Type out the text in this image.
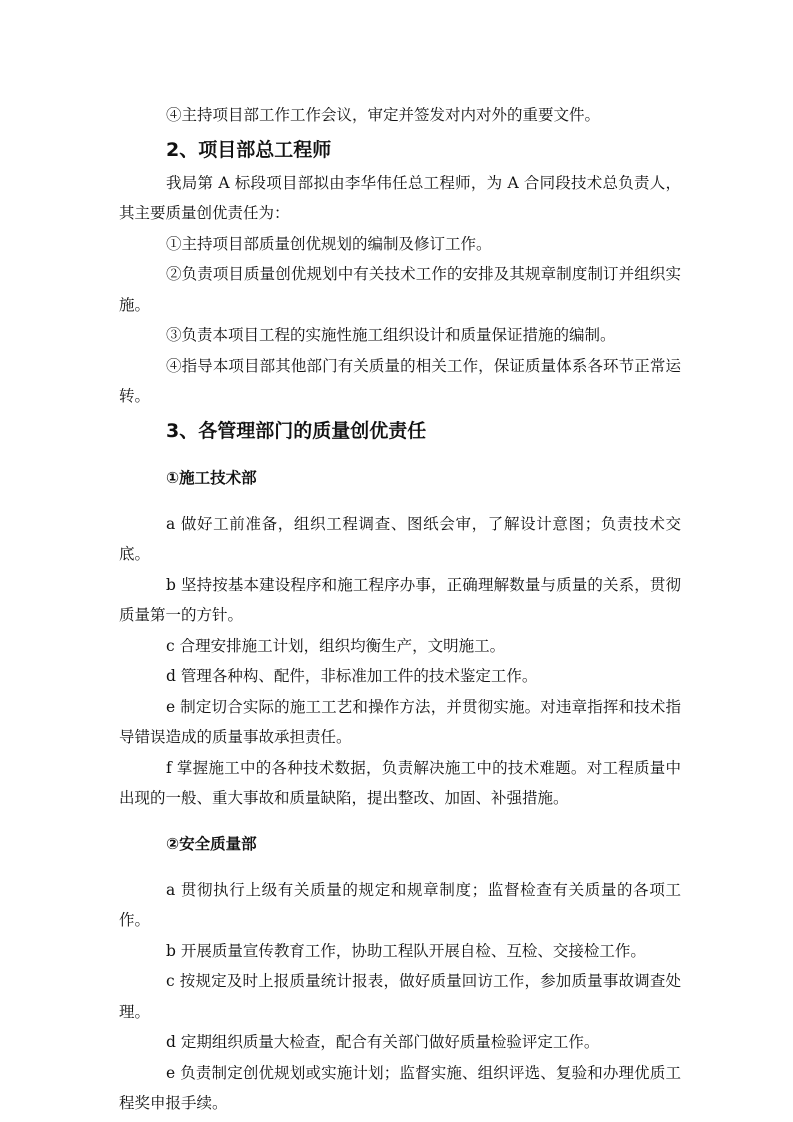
④主持项目部工作工作会议，审定并签发对内对外的重要文件。

2、项目部总工程师

我局第 A 标段项目部拟由李华伟任总工程师，为 A 合同段技术总负责人，其主要质量创优责任为：

①主持项目部质量创优规划的编制及修订工作。

②负责项目质量创优规划中有关技术工作的安排及其规章制度制订并组织实施。

③负责本项目工程的实施性施工组织设计和质量保证措施的编制。

④指导本项目部其他部门有关质量的相关工作，保证质量体系各环节正常运转。

3、各管理部门的质量创优责任
①施工技术部

a 做好工前准备，组织工程调查、图纸会审，了解设计意图；负责技术交底。

b 坚持按基本建设程序和施工程序办事，正确理解数量与质量的关系，贯彻质量第一的方针。

c 合理安排施工计划，组织均衡生产，文明施工。

d 管理各种构、配件，非标准加工件的技术鉴定工作。

e 制定切合实际的施工工艺和操作方法，并贯彻实施。对违章指挥和技术指导错误造成的质量事故承担责任。

f 掌握施工中的各种技术数据，负责解决施工中的技术难题。对工程质量中出现的一般、重大事故和质量缺陷，提出整改、加固、补强措施。

②安全质量部

a 贯彻执行上级有关质量的规定和规章制度；监督检查有关质量的各项工作。

b 开展质量宣传教育工作，协助工程队开展自检、互检、交接检工作。

c 按规定及时上报质量统计报表，做好质量回访工作，参加质量事故调查处理。

d 定期组织质量大检查，配合有关部门做好质量检验评定工作。

e 负责制定创优规划或实施计划；监督实施、组织评选、复验和办理优质工程奖申报手续。
